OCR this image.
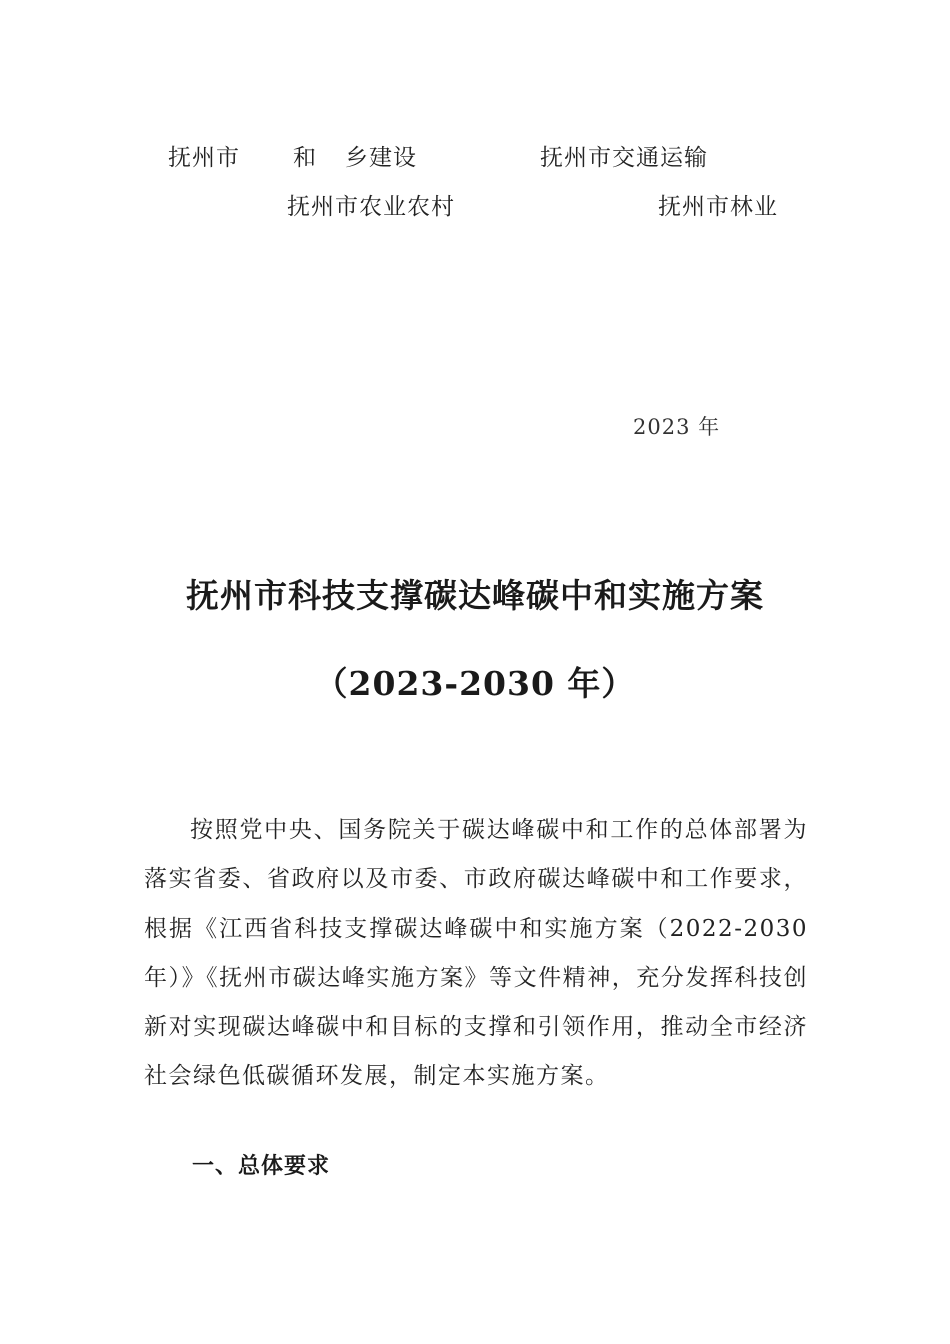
抚州市 和 乡建设	抚州市交通运输
抚州市农业农村	抚州市林业
2023 年
抚州市科技支撑碳达峰碳中和实施方案
（2023-2030 年）

按照党中央、国务院关于碳达峰碳中和工作的总体部署为落实省委、省政府以及市委、市政府碳达峰碳中和工作要求，根据《江西省科技支撑碳达峰碳中和实施方案（2022-2030 年）》《抚州市碳达峰实施方案》等文件精神，充分发挥科技创新对实现碳达峰碳中和目标的支撑和引领作用，推动全市经济社会绿色低碳循环发展，制定本实施方案。

一、总体要求
